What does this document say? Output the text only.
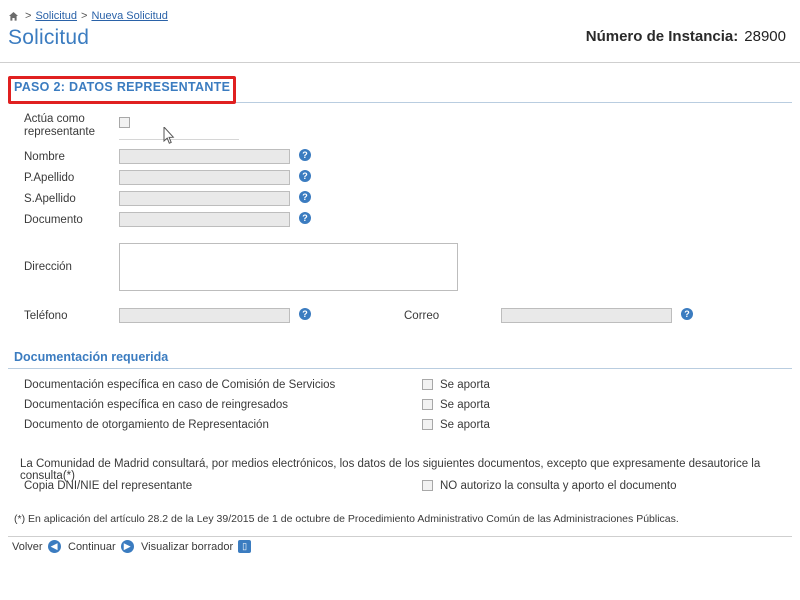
> Solicitud > Nueva Solicitud
Solicitud	Número de Instancia: 28900
PASO 2: DATOS REPRESENTANTE
Actúa como
representante
Nombre	?
P.Apellido	?
S.Apellido	?
Documento	?
Dirección
Teléfono	?	Correo	?
Documentación requerida
Documentación específica en caso de Comisión de Servicios	Se aporta
Documentación específica en caso de reingresados	Se aporta
Documento de otorgamiento de Representación	Se aporta
La Comunidad de Madrid consultará, por medios electrónicos, los datos de los siguientes documentos, excepto que expresamente desautorice la consulta(*)
Copia DNI/NIE del representante	NO autorizo la consulta y aporto el documento
(*) En aplicación del artículo 28.2 de la Ley 39/2015 de 1 de octubre de Procedimiento Administrativo Común de las Administraciones Públicas.
Volver ◀ Continuar ▶ Visualizar borrador	▯
